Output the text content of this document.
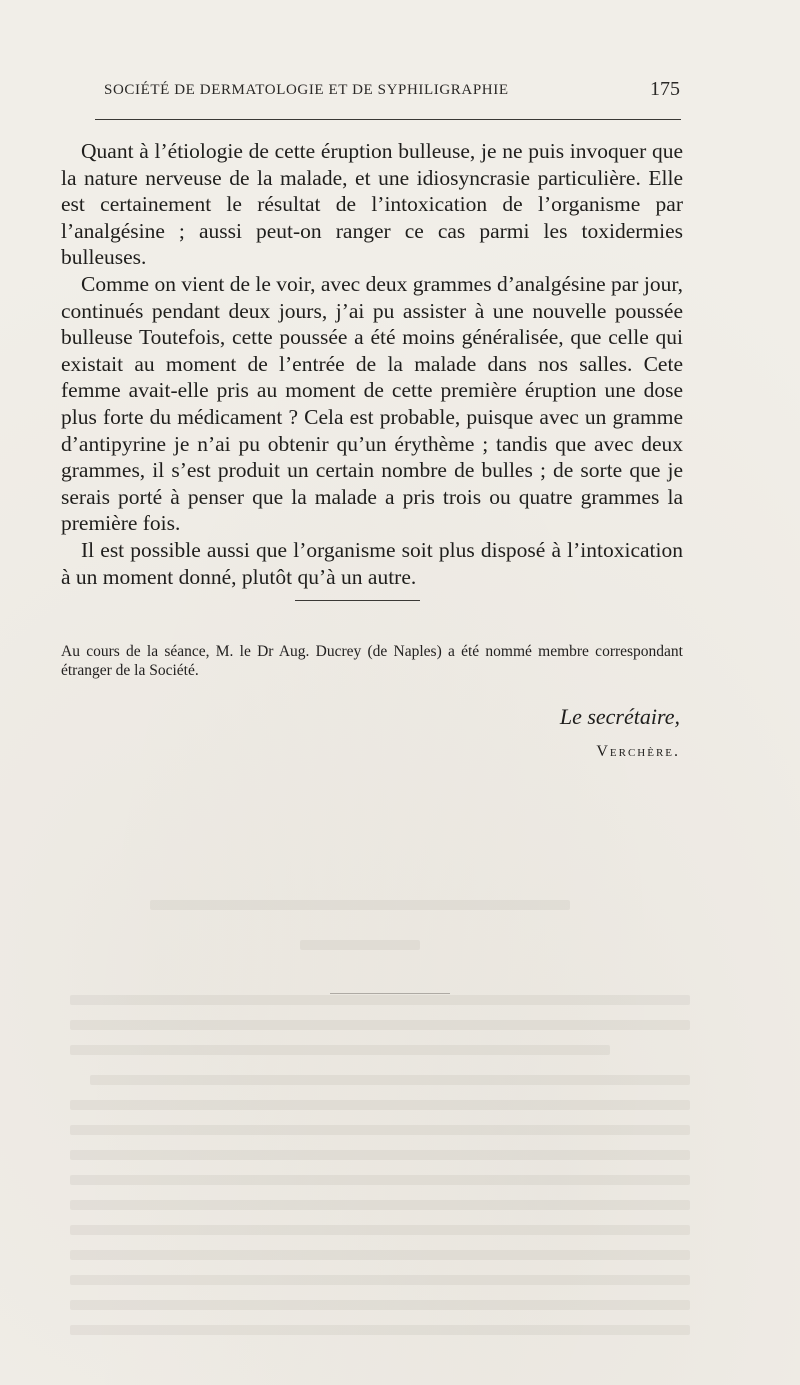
SOCIÉTÉ DE DERMATOLOGIE ET DE SYPHILIGRAPHIE	175

Quant à l’étiologie de cette éruption bulleuse, je ne puis invoquer que la nature nerveuse de la malade, et une idiosyncrasie particulière. Elle est certainement le résultat de l’intoxication de l’organisme par l’analgésine ; aussi peut-on ranger ce cas parmi les toxidermies bulleuses.

Comme on vient de le voir, avec deux grammes d’analgésine par jour, continués pendant deux jours, j’ai pu assister à une nouvelle poussée bulleuse Toutefois, cette poussée a été moins généralisée, que celle qui existait au moment de l’entrée de la malade dans nos salles. Cete femme avait-elle pris au moment de cette première éruption une dose plus forte du médicament ? Cela est probable, puisque avec un gramme d’antipyrine je n’ai pu obtenir qu’un érythème ; tandis que avec deux grammes, il s’est produit un certain nombre de bulles ; de sorte que je serais porté à penser que la malade a pris trois ou quatre grammes la première fois.

Il est possible aussi que l’organisme soit plus disposé à l’intoxication à un moment donné, plutôt qu’à un autre.

Au cours de la séance, M. le Dr Aug. Ducrey (de Naples) a été nommé membre correspondant étranger de la Société.
Le secrétaire,
Verchère.
